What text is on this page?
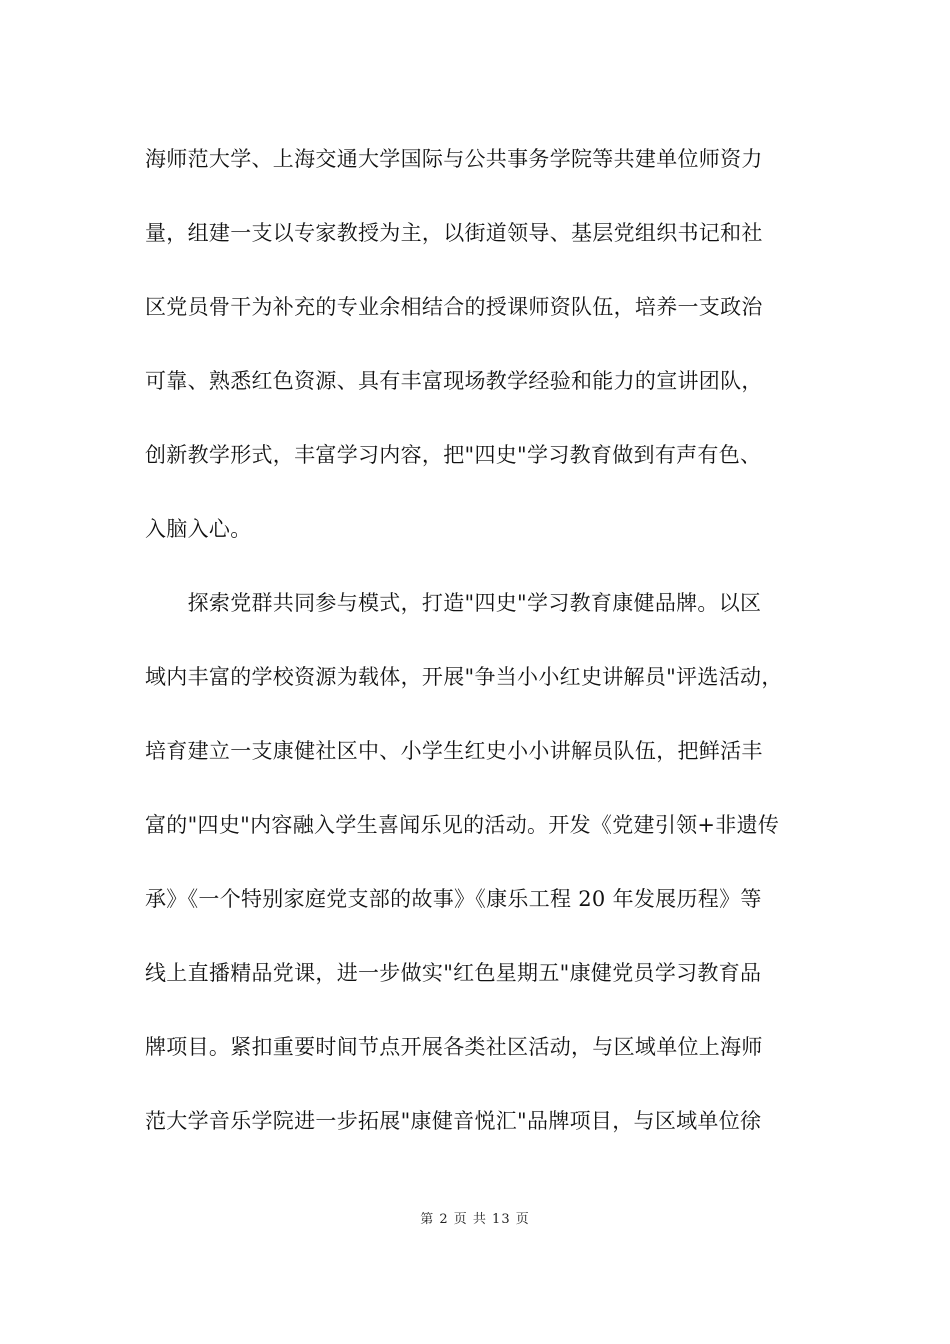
海师范大学、上海交通大学国际与公共事务学院等共建单位师资力
量，组建一支以专家教授为主，以街道领导、基层党组织书记和社
区党员骨干为补充的专业余相结合的授课师资队伍，培养一支政治
可靠、熟悉红色资源、具有丰富现场教学经验和能力的宣讲团队，
创新教学形式，丰富学习内容，把"四史"学习教育做到有声有色、
入脑入心。
　　探索党群共同参与模式，打造"四史"学习教育康健品牌。以区
域内丰富的学校资源为载体，开展"争当小小红史讲解员"评选活动，
培育建立一支康健社区中、小学生红史小小讲解员队伍，把鲜活丰
富的"四史"内容融入学生喜闻乐见的活动。开发《党建引领+非遗传
承》《一个特别家庭党支部的故事》《康乐工程 20 年发展历程》等
线上直播精品党课，进一步做实"红色星期五"康健党员学习教育品
牌项目。紧扣重要时间节点开展各类社区活动，与区域单位上海师
范大学音乐学院进一步拓展"康健音悦汇"品牌项目，与区域单位徐
第 2 页 共 13 页
